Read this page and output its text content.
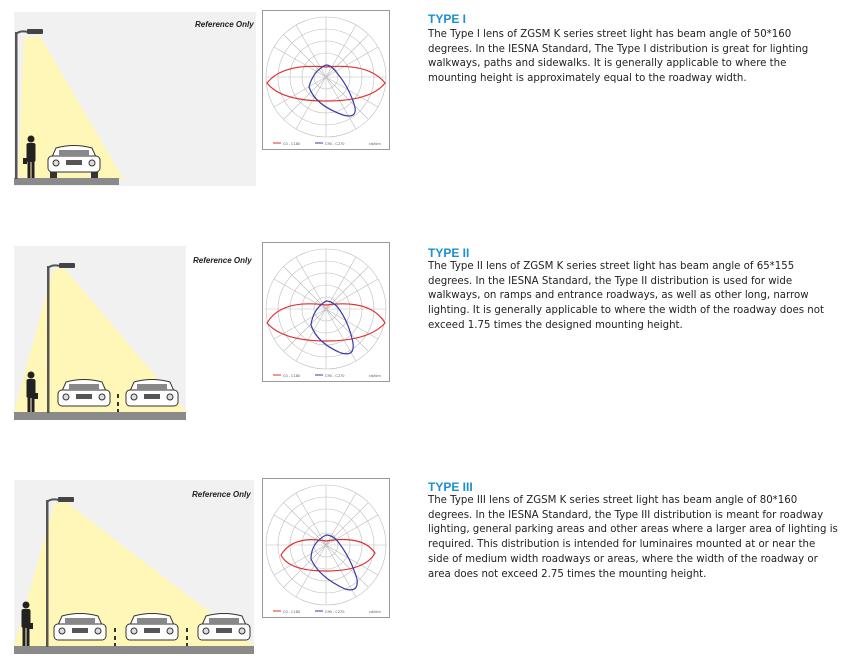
Reference Only
C0 - C180	C90 - C270	cd/klm
TYPE I

The Type I lens of ZGSM K series street light has beam angle of 50*160 degrees. In the IESNA Standard, The Type I distribution is great for lighting walkways, paths and sidewalks. It is generally applicable to where the mounting height is approximately equal to the roadway width.

Reference Only
C0 - C180	C90 - C270	cd/klm
TYPE II

The Type II lens of ZGSM K series street light has beam angle of 65*155 degrees. In the IESNA Standard, the Type II distribution is used for wide walkways, on ramps and entrance roadways, as well as other long, narrow lighting. It is generally applicable to where the width of the roadway does not exceed 1.75 times the designed mounting height.

Reference Only
C0 - C180	C90 - C270	cd/klm
TYPE III

The Type III lens of ZGSM K series street light has beam angle of 80*160 degrees. In the IESNA Standard, the Type III distribution is meant for roadway lighting, general parking areas and other areas where a larger area of lighting is required. This distribution is intended for luminaires mounted at or near the side of medium width roadways or areas, where the width of the roadway or area does not exceed 2.75 times the mounting height.
